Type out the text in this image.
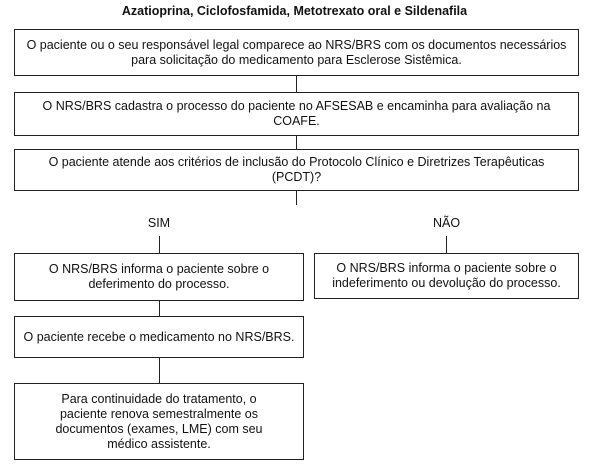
Azatioprina, Ciclofosfamida, Metotrexato oral e Sildenafila
O paciente ou o seu responsável legal comparece ao NRS/BRS com os documentos necessários para solicitação do medicamento para Esclerose Sistêmica.
O NRS/BRS cadastra o processo do paciente no AFSESAB e encaminha para avaliação na COAFE.
O paciente atende aos critérios de inclusão do Protocolo Clínico e Diretrizes Terapêuticas (PCDT)?
SIM	NÃO
O NRS/BRS informa o paciente sobre o deferimento do processo.
O paciente recebe o medicamento no NRS/BRS.
Para continuidade do tratamento, o paciente renova semestralmente os documentos (exames, LME) com seu médico assistente.
O NRS/BRS informa o paciente sobre o indeferimento ou devolução do processo.
